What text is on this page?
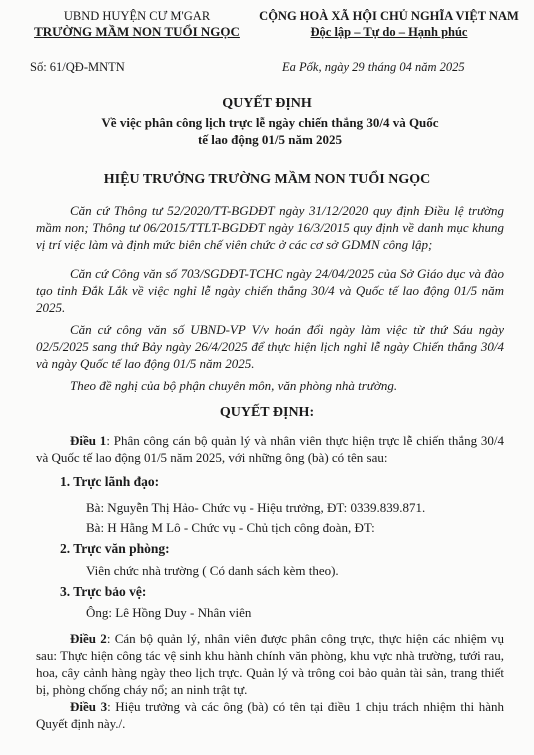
UBND HUYỆN CƯ M'GAR
TRƯỜNG MẦM NON TUỔI NGỌC
CỘNG HOÀ XÃ HỘI CHỦ NGHĨA VIỆT NAM
Độc lập – Tự do – Hạnh phúc
Số: 61/QĐ-MNTN	Ea Pốk, ngày 29 tháng 04 năm 2025
QUYẾT ĐỊNH
Về việc phân công lịch trực lễ ngày chiến thắng 30/4 và Quốc tế lao động 01/5 năm 2025
HIỆU TRƯỞNG TRƯỜNG MẦM NON TUỔI NGỌC
Căn cứ Thông tư 52/2020/TT-BGDĐT ngày 31/12/2020 quy định Điều lệ trường mầm non; Thông tư 06/2015/TTLT-BGDĐT ngày 16/3/2015 quy định về danh mục khung vị trí việc làm và định mức biên chế viên chức ở các cơ sở GDMN công lập;
Căn cứ Công văn số 703/SGDĐT-TCHC ngày 24/04/2025 của Sở Giáo dục và đào tạo tỉnh Đắk Lắk về việc nghỉ lễ ngày chiến thắng 30/4 và Quốc tế lao động 01/5 năm 2025.
Căn cứ công văn số UBND-VP V/v hoán đổi ngày làm việc từ thứ Sáu ngày 02/5/2025 sang thứ Bảy ngày 26/4/2025 để thực hiện lịch nghỉ lễ ngày Chiến thắng 30/4 và ngày Quốc tế lao động 01/5 năm 2025.
Theo đề nghị của bộ phận chuyên môn, văn phòng nhà trường.
QUYẾT ĐỊNH:
Điều 1: Phân công cán bộ quản lý và nhân viên thực hiện trực lễ chiến thắng 30/4 và Quốc tế lao động 01/5 năm 2025, với những ông (bà) có tên sau:
1. Trực lãnh đạo:
Bà: Nguyễn Thị Hảo- Chức vụ - Hiệu trưởng, ĐT: 0339.839.871.
Bà: H Hằng M Lô - Chức vụ - Chủ tịch công đoàn, ĐT:
2. Trực văn phòng:
Viên chức nhà trường ( Có danh sách kèm theo).
3. Trực bảo vệ:
Ông: Lê Hồng Duy - Nhân viên
Điều 2: Cán bộ quản lý, nhân viên được phân công trực, thực hiện các nhiệm vụ sau: Thực hiện công tác vệ sinh khu hành chính văn phòng, khu vực nhà trường, tưới rau, hoa, cây cảnh hàng ngày theo lịch trực. Quản lý và trông coi bảo quản tài sản, trang thiết bị, phòng chống cháy nổ; an ninh trật tự.
Điều 3: Hiệu trưởng và các ông (bà) có tên tại điều 1 chịu trách nhiệm thi hành Quyết định này./.
